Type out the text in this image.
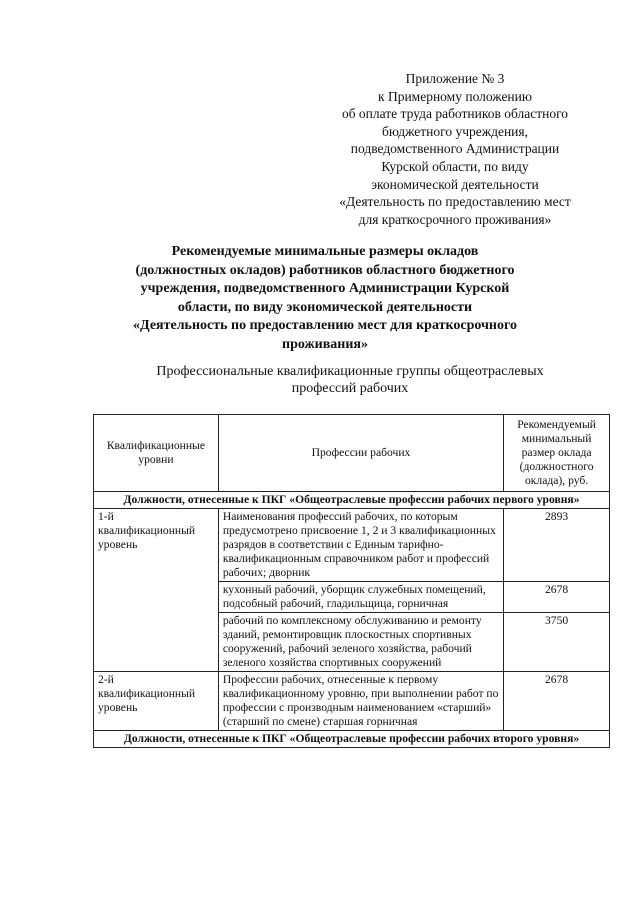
Приложение № 3
к Примерному положению
об оплате труда работников областного
бюджетного учреждения,
подведомственного Администрации
Курской области, по виду
экономической деятельности
«Деятельность по предоставлению мест
для краткосрочного проживания»
Рекомендуемые минимальные размеры окладов
(должностных окладов) работников областного бюджетного
учреждения, подведомственного Администрации Курской
области, по виду экономической деятельности
«Деятельность по предоставлению мест для краткосрочного
проживания»
Профессиональные квалификационные группы общеотраслевых
профессий рабочих
Квалификационные уровни	Профессии рабочих	Рекомендуемый минимальный размер оклада (должностного оклада), руб.
Должности, отнесенные к ПКГ «Общеотраслевые профессии рабочих первого уровня»		
1-й квалификационный уровень	Наименования профессий рабочих, по которым предусмотрено присвоение 1, 2 и 3 квалификационных разрядов в соответствии с Единым тарифно-квалификационным справочником работ и профессий рабочих; дворник	2893
	кухонный рабочий, уборщик служебных помещений, подсобный рабочий, гладильщица, горничная	2678
	рабочий по комплексному обслуживанию и ремонту зданий, ремонтировщик плоскостных спортивных сооружений, рабочий зеленого хозяйства, рабочий зеленого хозяйства спортивных сооружений	3750
2-й квалификационный уровень	Профессии рабочих, отнесенные к первому квалификационному уровню, при выполнении работ по профессии с производным наименованием «старший» (старший по смене) старшая горничная	2678
Должности, отнесенные к ПКГ «Общеотраслевые профессии рабочих второго уровня»		
